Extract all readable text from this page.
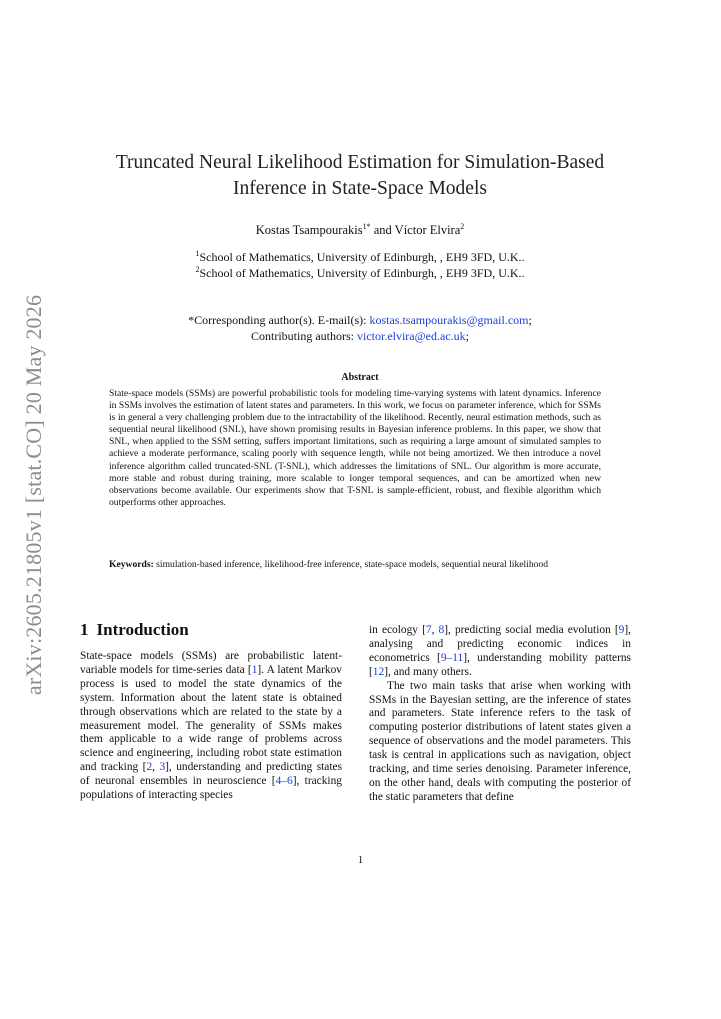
arXiv:2605.21805v1 [stat.CO] 20 May 2026
Truncated Neural Likelihood Estimation for Simulation-Based
Inference in State-Space Models
Kostas Tsampourakis$^{1*}$ and Víctor Elvira$^2$
$^1$School of Mathematics, University of Edinburgh, , EH9 3FD, U.K..
$^2$School of Mathematics, University of Edinburgh, , EH9 3FD, U.K..
*Corresponding author(s). E-mail(s): kostas.tsampourakis@gmail.com;
Contributing authors: victor.elvira@ed.ac.uk;
Abstract
State-space models (SSMs) are powerful probabilistic tools for modeling time-varying systems with latent dynamics. Inference in SSMs involves the estimation of latent states and parameters. In this work, we focus on parameter inference, which for SSMs is in general a very challenging problem due to the intractability of the likelihood. Recently, neural estimation methods, such as sequential neural likelihood (SNL), have shown promising results in Bayesian inference problems. In this paper, we show that SNL, when applied to the SSM setting, suffers important limitations, such as requiring a large amount of simulated samples to achieve a moderate performance, scaling poorly with sequence length, while not being amortized. We then introduce a novel inference algorithm called truncated-SNL (T-SNL), which addresses the limitations of SNL. Our algorithm is more accurate, more stable and robust during training, more scalable to longer temporal sequences, and can be amortized when new observations become available. Our experiments show that T-SNL is sample-efficient, robust, and flexible algorithm which outperforms other approaches.
Keywords: simulation-based inference, likelihood-free inference, state-space models, sequential neural likelihood
1 Introduction

State-space models (SSMs) are probabilistic latent-variable models for time-series data [1]. A latent Markov process is used to model the state dynamics of the system. Information about the latent state is obtained through observations which are related to the state by a measurement model. The generality of SSMs makes them applicable to a wide range of problems across science and engineering, including robot state estimation and tracking [2, 3], understanding and predicting states of neuronal ensembles in neuroscience [4–6], tracking populations of interacting species

in ecology [7, 8], predicting social media evolution [9], analysing and predicting economic indices in econometrics [9–11], understanding mobility patterns [12], and many others.

The two main tasks that arise when working with SSMs in the Bayesian setting, are the inference of states and parameters. State inference refers to the task of computing posterior distributions of latent states given a sequence of observations and the model parameters. This task is central in applications such as navigation, object tracking, and time series denoising. Parameter inference, on the other hand, deals with computing the posterior of the static parameters that define

1
